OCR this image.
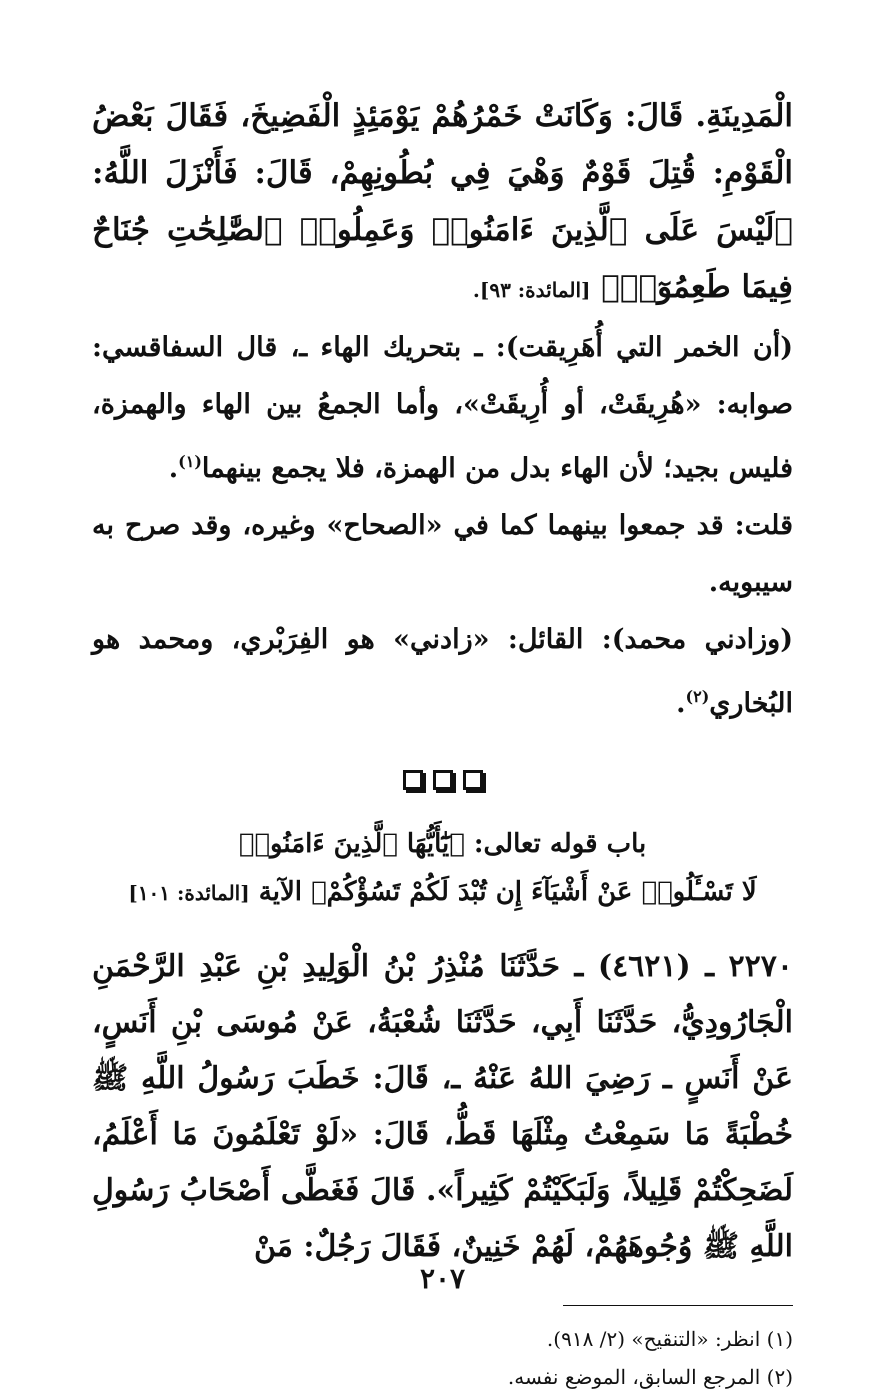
الْمَدِينَةِ. قَالَ: وَكَانَتْ خَمْرُهُمْ يَوْمَئِذٍ الْفَضِيخَ، فَقَالَ بَعْضُ الْقَوْمِ: قُتِلَ قَوْمٌ وَهْيَ فِي بُطُونِهِمْ، قَالَ: فَأَنْزَلَ اللَّهُ: ﴿لَيْسَ عَلَى ٱلَّذِينَ ءَامَنُوا۟ وَعَمِلُوا۟ ٱلصَّٰلِحَٰتِ جُنَاحٌ فِيمَا طَعِمُوٓا۟﴾ [المائدة: ٩٣].

(أن الخمر التي أُهَرِيقت): ـ بتحريك الهاء ـ، قال السفاقسي: صوابه: «هُرِيقَتْ، أو أُرِيقَتْ»، وأما الجمعُ بين الهاء والهمزة، فليس بجيد؛ لأن الهاء بدل من الهمزة، فلا يجمع بينهما$^{(١)}$.

قلت: قد جمعوا بينهما كما في «الصحاح» وغيره، وقد صرح به سيبويه.

(وزادني محمد): القائل: «زادني» هو الفِرَبْري، ومحمد هو البُخاري$^{(٢)}$.

باب قوله تعالى: ﴿يَٰٓأَيُّهَا ٱلَّذِينَ ءَامَنُوا۟

لَا تَسْـَٔلُوا۟ عَنْ أَشْيَآءَ إِن تُبْدَ لَكُمْ تَسُؤْكُمْ﴾ الآية [المائدة: ١٠١]

٢٢٧٠ ـ (٤٦٢١) ـ حَدَّثَنَا مُنْذِرُ بْنُ الْوَلِيدِ بْنِ عَبْدِ الرَّحْمَنِ الْجَارُودِيُّ، حَدَّثَنَا أَبِي، حَدَّثَنَا شُعْبَةُ، عَنْ مُوسَى بْنِ أَنَسٍ، عَنْ أَنَسٍ ـ رَضِيَ اللهُ عَنْهُ ـ، قَالَ: خَطَبَ رَسُولُ اللَّهِ ﷺ خُطْبَةً مَا سَمِعْتُ مِثْلَهَا قَطُّ، قَالَ: «لَوْ تَعْلَمُونَ مَا أَعْلَمُ، لَضَحِكْتُمْ قَلِيلاً، وَلَبَكَيْتُمْ كَثِيراً». قَالَ فَغَطَّى أَصْحَابُ رَسُولِ اللَّهِ ﷺ وُجُوهَهُمْ، لَهُمْ خَنِينٌ، فَقَالَ رَجُلٌ: مَنْ

(١) انظر: «التنقيح» (٢/ ٩١٨).

(٢) المرجع السابق، الموضع نفسه.

٢٠٧
